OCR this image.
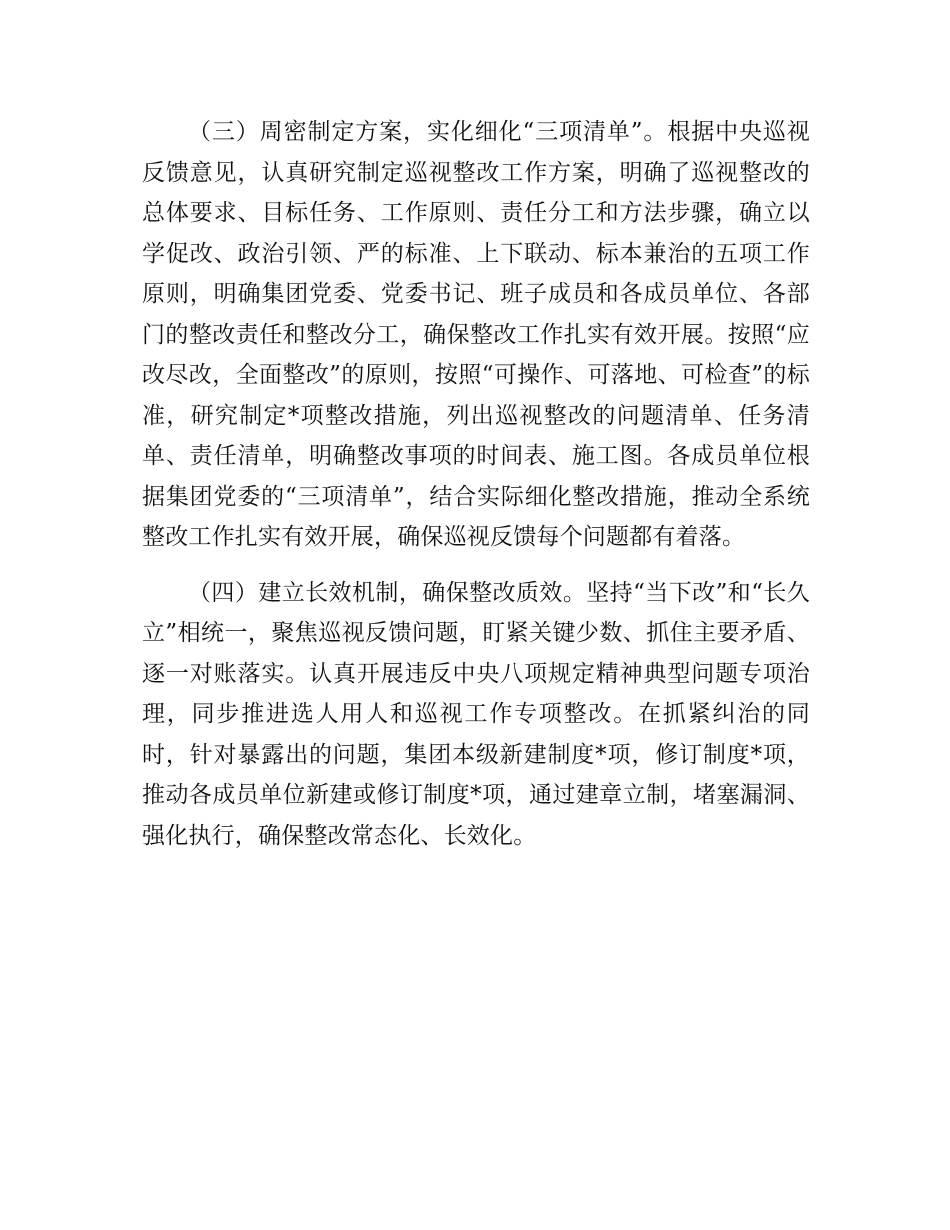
（三）周密制定方案，实化细化“三项清单”。根据中央巡视反馈意见，认真研究制定巡视整改工作方案，明确了巡视整改的总体要求、目标任务、工作原则、责任分工和方法步骤，确立以学促改、政治引领、严的标准、上下联动、标本兼治的五项工作原则，明确集团党委、党委书记、班子成员和各成员单位、各部门的整改责任和整改分工，确保整改工作扎实有效开展。按照“应改尽改，全面整改”的原则，按照“可操作、可落地、可检查”的标准，研究制定*项整改措施，列出巡视整改的问题清单、任务清单、责任清单，明确整改事项的时间表、施工图。各成员单位根据集团党委的“三项清单”，结合实际细化整改措施，推动全系统整改工作扎实有效开展，确保巡视反馈每个问题都有着落。

（四）建立长效机制，确保整改质效。坚持“当下改”和“长久立”相统一，聚焦巡视反馈问题，盯紧关键少数、抓住主要矛盾、逐一对账落实。认真开展违反中央八项规定精神典型问题专项治理，同步推进选人用人和巡视工作专项整改。在抓紧纠治的同时，针对暴露出的问题，集团本级新建制度*项，修订制度*项，推动各成员单位新建或修订制度*项，通过建章立制，堵塞漏洞、强化执行，确保整改常态化、长效化。
